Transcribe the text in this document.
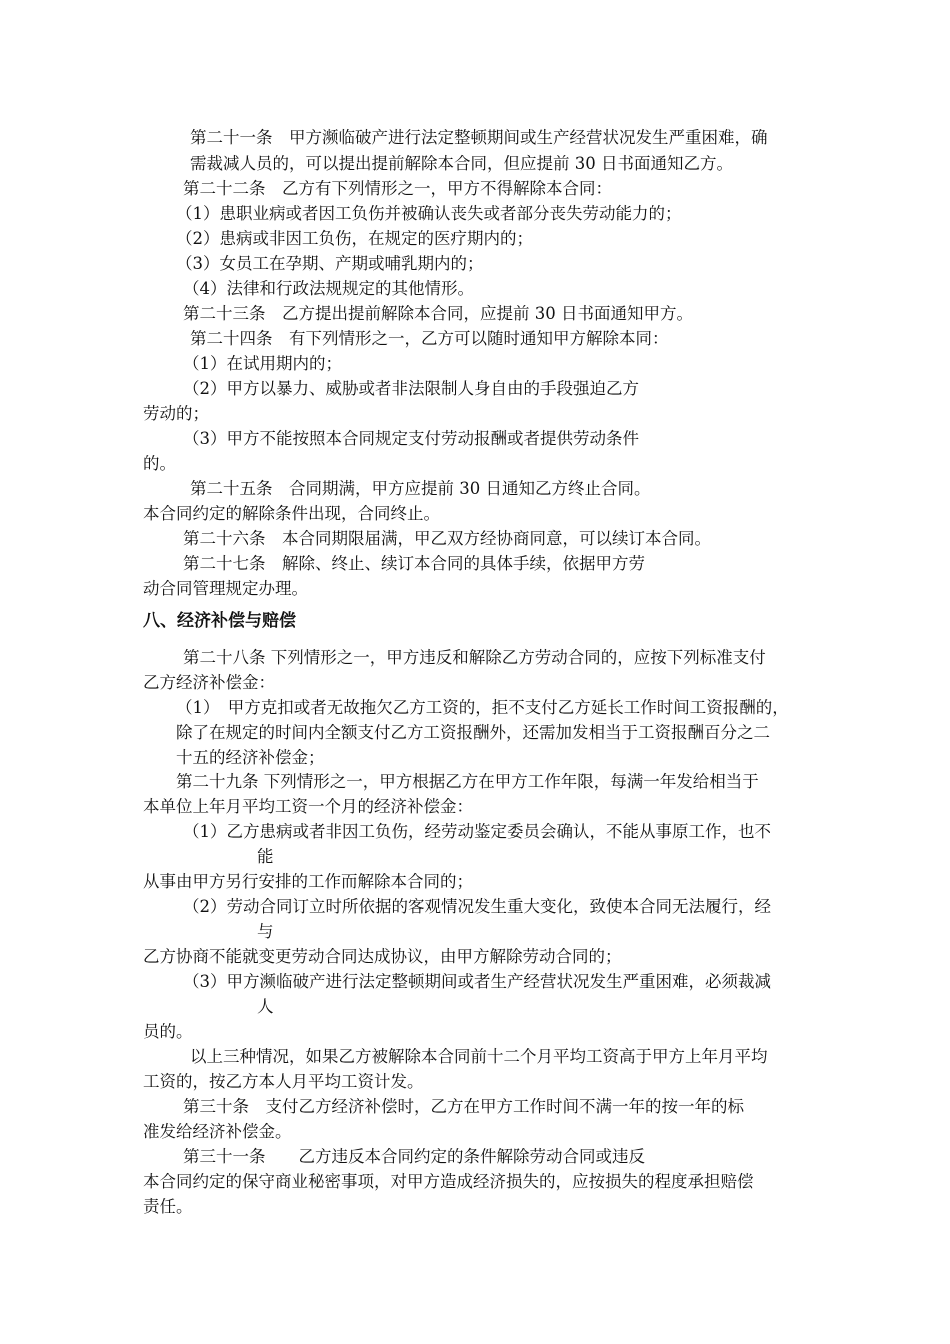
第二十一条　甲方濒临破产进行法定整顿期间或生产经营状况发生严重困难，确
需裁减人员的，可以提出提前解除本合同，但应提前 30 日书面通知乙方。
第二十二条　乙方有下列情形之一，甲方不得解除本合同：
（1）患职业病或者因工负伤并被确认丧失或者部分丧失劳动能力的；
（2）患病或非因工负伤，在规定的医疗期内的；
（3）女员工在孕期、产期或哺乳期内的；
（4）法律和行政法规规定的其他情形。
第二十三条　乙方提出提前解除本合同，应提前 30 日书面通知甲方。
第二十四条　有下列情形之一，乙方可以随时通知甲方解除本同：
（1）在试用期内的；
（2）甲方以暴力、威胁或者非法限制人身自由的手段强迫乙方
劳动的；
（3）甲方不能按照本合同规定支付劳动报酬或者提供劳动条件
的。
第二十五条　合同期满，甲方应提前 30 日通知乙方终止合同。
本合同约定的解除条件出现，合同终止。
第二十六条　本合同期限届满，甲乙双方经协商同意，可以续订本合同。
第二十七条　解除、终止、续订本合同的具体手续，依据甲方劳
动合同管理规定办理。
八、经济补偿与赔偿
第二十八条 下列情形之一，甲方违反和解除乙方劳动合同的，应按下列标准支付
乙方经济补偿金：
（1）　甲方克扣或者无故拖欠乙方工资的，拒不支付乙方延长工作时间工资报酬的，
除了在规定的时间内全额支付乙方工资报酬外，还需加发相当于工资报酬百分之二
十五的经济补偿金；
第二十九条 下列情形之一，甲方根据乙方在甲方工作年限，每满一年发给相当于
本单位上年月平均工资一个月的经济补偿金：
（1）乙方患病或者非因工负伤，经劳动鉴定委员会确认，不能从事原工作，也不
能
从事由甲方另行安排的工作而解除本合同的；
（2）劳动合同订立时所依据的客观情况发生重大变化，致使本合同无法履行，经
与
乙方协商不能就变更劳动合同达成协议，由甲方解除劳动合同的；
（3）甲方濒临破产进行法定整顿期间或者生产经营状况发生严重困难，必须裁减
人
员的。
以上三种情况，如果乙方被解除本合同前十二个月平均工资高于甲方上年月平均
工资的，按乙方本人月平均工资计发。
第三十条　支付乙方经济补偿时，乙方在甲方工作时间不满一年的按一年的标
准发给经济补偿金。
第三十一条　　乙方违反本合同约定的条件解除劳动合同或违反
本合同约定的保守商业秘密事项，对甲方造成经济损失的，应按损失的程度承担赔偿
责任。
